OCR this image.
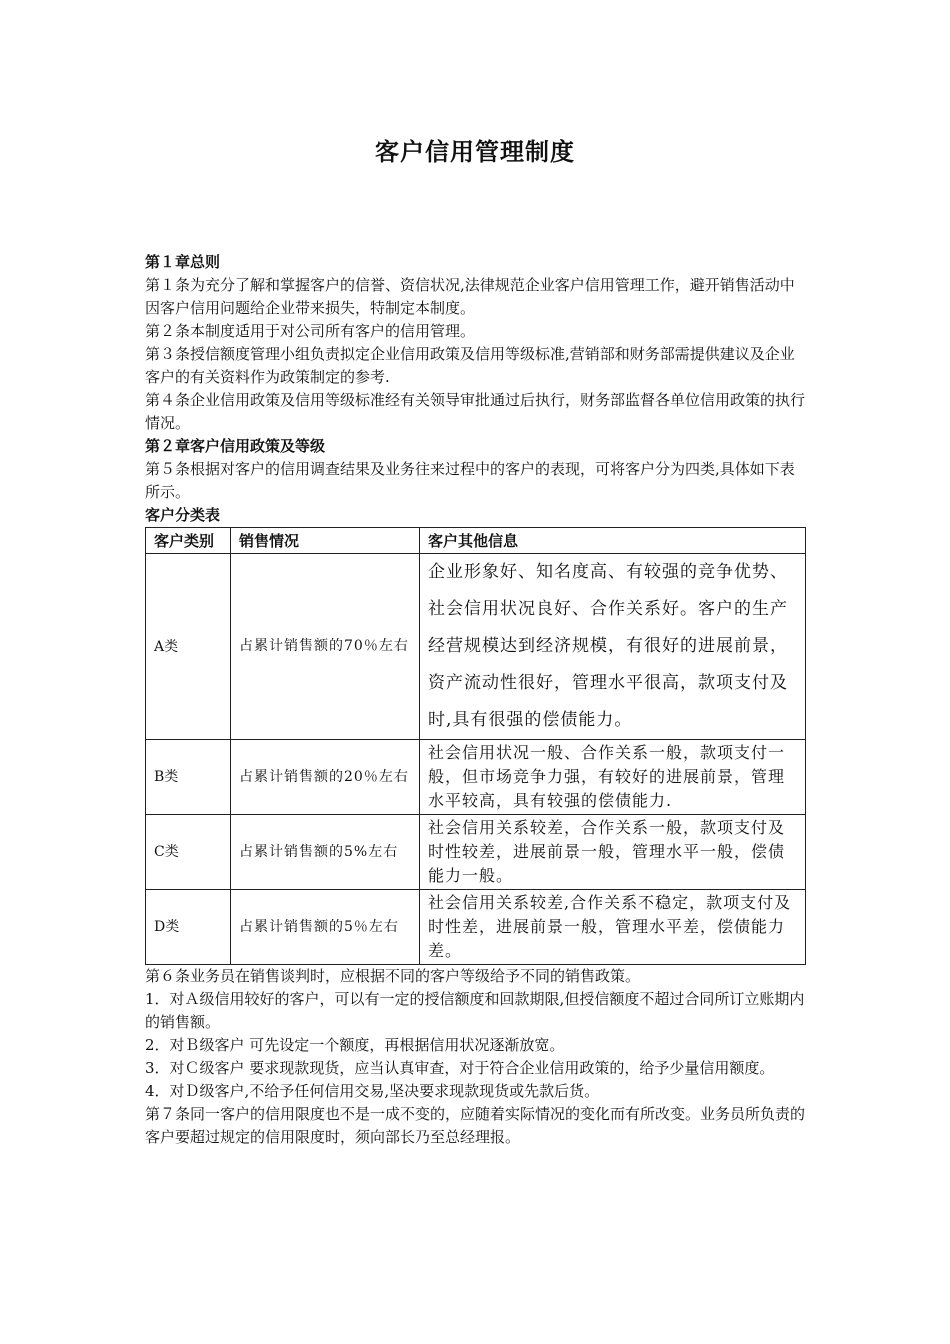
客户信用管理制度

第１章总则

第１条为充分了解和掌握客户的信誉、资信状况,法律规范企业客户信用管理工作，避开销售活动中因客户信用问题给企业带来损失，特制定本制度。

第２条本制度适用于对公司所有客户的信用管理。

第３条授信额度管理小组负责拟定企业信用政策及信用等级标准,营销部和财务部需提供建议及企业客户的有关资料作为政策制定的参考.

第４条企业信用政策及信用等级标准经有关领导审批通过后执行，财务部监督各单位信用政策的执行情况。

第２章客户信用政策及等级

第５条根据对客户的信用调查结果及业务往来过程中的客户的表现，可将客户分为四类,具体如下表所示。

客户分类表

客户类别	销售情况	客户其他信息
A类	占累计销售额的70％左右	企业形象好、知名度高、有较强的竞争优势、社会信用状况良好、合作关系好。客户的生产经营规模达到经济规模，有很好的进展前景，资产流动性很好，管理水平很高，款项支付及时,具有很强的偿债能力。
B类	占累计销售额的20％左右	社会信用状况一般、合作关系一般，款项支付一般，但市场竞争力强，有较好的进展前景，管理水平较高，具有较强的偿债能力.
C类	占累计销售额的5%左右	社会信用关系较差，合作关系一般，款项支付及时性较差，进展前景一般，管理水平一般，偿债能力一般。
D类	占累计销售额的5％左右	社会信用关系较差,合作关系不稳定，款项支付及时性差，进展前景一般，管理水平差，偿债能力差。

第６条业务员在销售谈判时，应根据不同的客户等级给予不同的销售政策。

1．对Ａ级信用较好的客户，可以有一定的授信额度和回款期限,但授信额度不超过合同所订立账期内的销售额。

2．对Ｂ级客户 可先设定一个额度，再根据信用状况逐渐放宽。

3．对Ｃ级客户 要求现款现货，应当认真审查，对于符合企业信用政策的，给予少量信用额度。

4．对Ｄ级客户,不给予任何信用交易,坚决要求现款现货或先款后货。

第７条同一客户的信用限度也不是一成不变的，应随着实际情况的变化而有所改变。业务员所负责的客户要超过规定的信用限度时，须向部长乃至总经理报。
